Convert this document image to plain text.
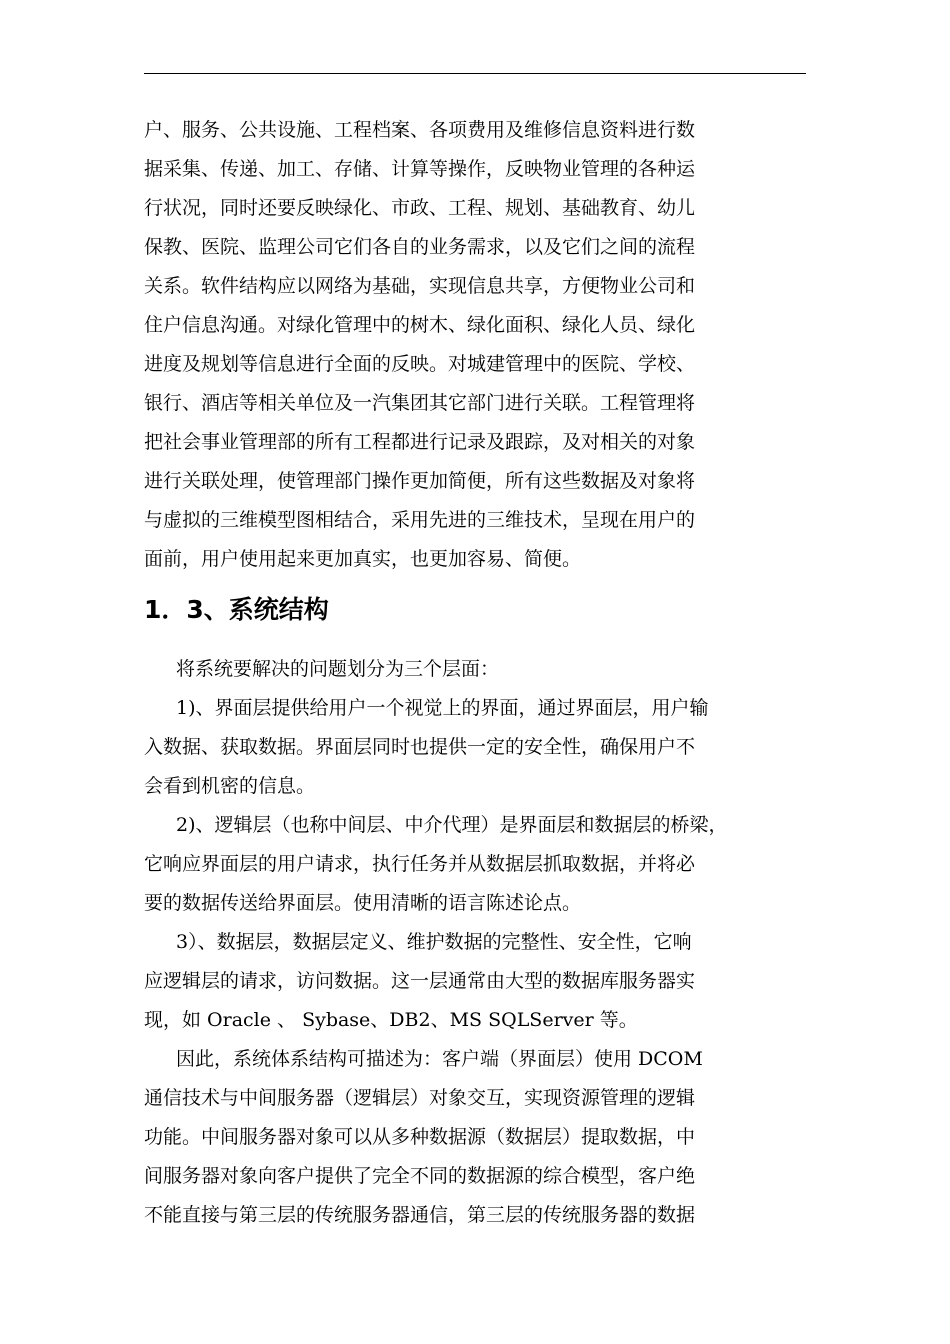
户、服务、公共设施、工程档案、各项费用及维修信息资料进行数
据采集、传递、加工、存储、计算等操作，反映物业管理的各种运
行状况，同时还要反映绿化、市政、工程、规划、基础教育、幼儿
保教、医院、监理公司它们各自的业务需求，以及它们之间的流程
关系。软件结构应以网络为基础，实现信息共享，方便物业公司和
住户信息沟通。对绿化管理中的树木、绿化面积、绿化人员、绿化
进度及规划等信息进行全面的反映。对城建管理中的医院、学校、
银行、酒店等相关单位及一汽集团其它部门进行关联。工程管理将
把社会事业管理部的所有工程都进行记录及跟踪，及对相关的对象
进行关联处理，使管理部门操作更加简便，所有这些数据及对象将
与虚拟的三维模型图相结合，采用先进的三维技术，呈现在用户的
面前，用户使用起来更加真实，也更加容易、简便。
1．3、系统结构
将系统要解决的问题划分为三个层面：
1)、界面层提供给用户一个视觉上的界面，通过界面层，用户输
入数据、获取数据。界面层同时也提供一定的安全性，确保用户不
会看到机密的信息。
2)、逻辑层（也称中间层、中介代理）是界面层和数据层的桥梁，
它响应界面层的用户请求，执行任务并从数据层抓取数据，并将必
要的数据传送给界面层。使用清晰的语言陈述论点。
3）、数据层，数据层定义、维护数据的完整性、安全性，它响
应逻辑层的请求，访问数据。这一层通常由大型的数据库服务器实
现，如 Oracle 、 Sybase、DB2、MS SQLServer 等。
因此，系统体系结构可描述为：客户端（界面层）使用 DCOM
通信技术与中间服务器（逻辑层）对象交互，实现资源管理的逻辑
功能。中间服务器对象可以从多种数据源（数据层）提取数据，中
间服务器对象向客户提供了完全不同的数据源的综合模型，客户绝
不能直接与第三层的传统服务器通信，第三层的传统服务器的数据
